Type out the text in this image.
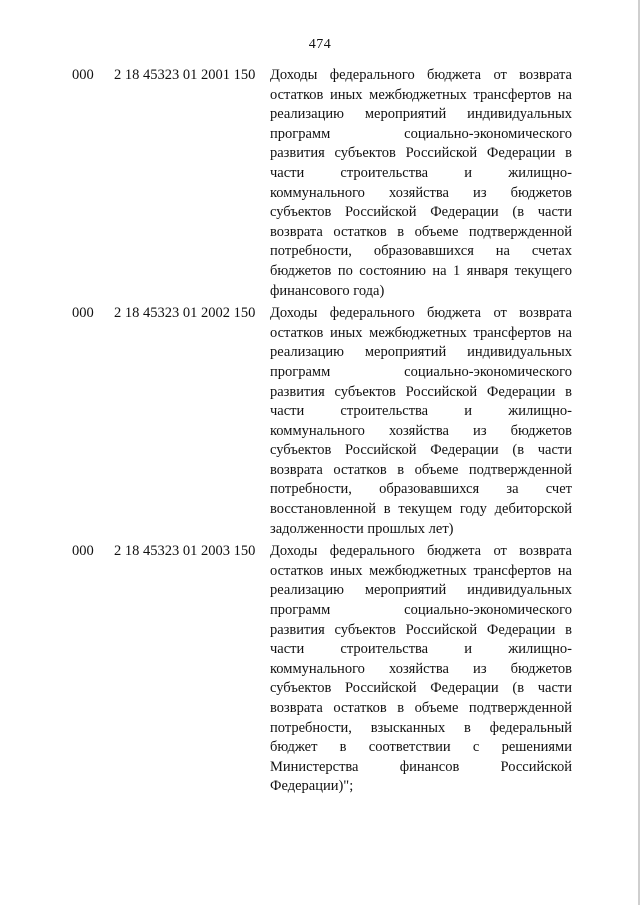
474
000	2 18 45323 01 2001 150	Доходы федерального бюджета от возврата
остатков иных межбюджетных трансфертов на
реализацию мероприятий индивидуальных
программ социально-экономического
развития субъектов Российской Федерации в
части строительства и жилищно-
коммунального хозяйства из бюджетов
субъектов Российской Федерации (в части
возврата остатков в объеме подтвержденной
потребности, образовавшихся на счетах
бюджетов по состоянию на 1 января текущего
финансового года)
000	2 18 45323 01 2002 150	Доходы федерального бюджета от возврата
остатков иных межбюджетных трансфертов на
реализацию мероприятий индивидуальных
программ социально-экономического
развития субъектов Российской Федерации в
части строительства и жилищно-
коммунального хозяйства из бюджетов
субъектов Российской Федерации (в части
возврата остатков в объеме подтвержденной
потребности, образовавшихся за счет
восстановленной в текущем году дебиторской
задолженности прошлых лет)
000	2 18 45323 01 2003 150	Доходы федерального бюджета от возврата
остатков иных межбюджетных трансфертов на
реализацию мероприятий индивидуальных
программ социально-экономического
развития субъектов Российской Федерации в
части строительства и жилищно-
коммунального хозяйства из бюджетов
субъектов Российской Федерации (в части
возврата остатков в объеме подтвержденной
потребности, взысканных в федеральный
бюджет в соответствии с решениями
Министерства финансов Российской
Федерации)";
